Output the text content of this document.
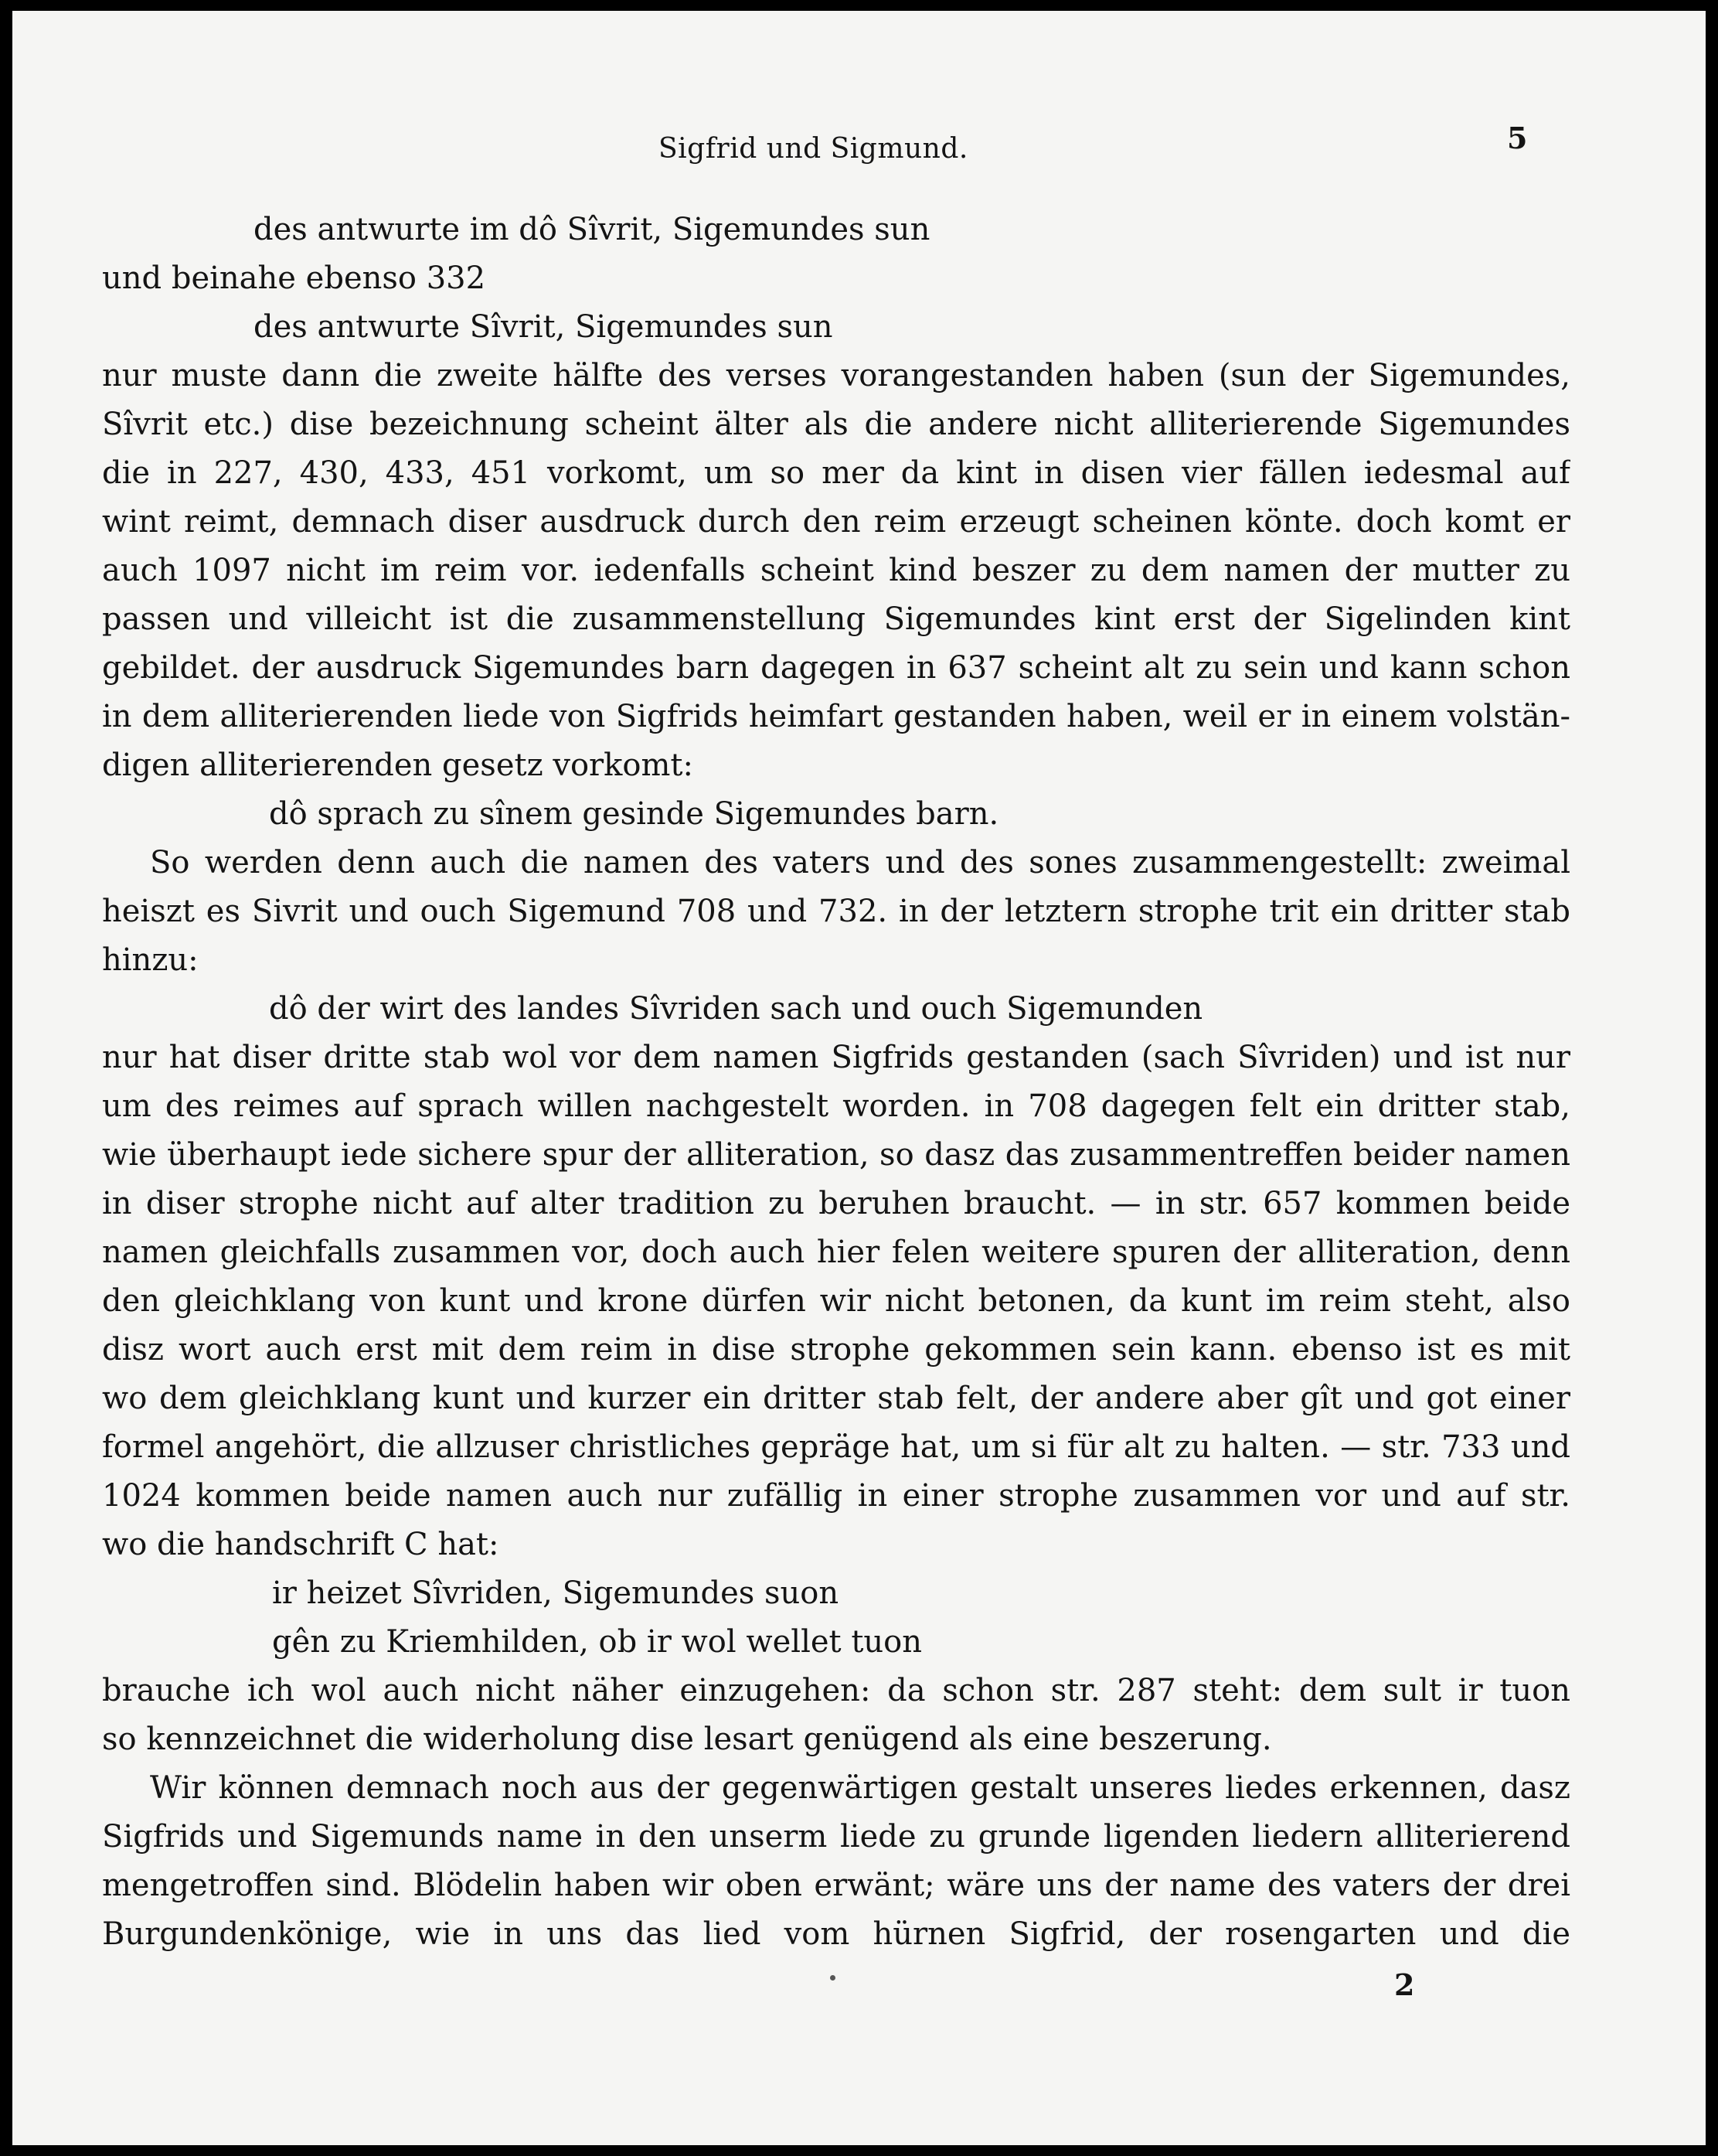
Sigfrid und Sigmund.	5
des antwurte im dô Sîvrit, Sigemundes sun
und beinahe ebenso 332
des antwurte Sîvrit, Sigemundes sun
nur muste dann die zweite hälfte des verses vorangestanden haben (sun der Sigemundes,
Sîvrit etc.) dise bezeichnung scheint älter als die andere nicht alliterierende Sigemundes
die in 227, 430, 433, 451 vorkomt, um so mer da kint in disen vier fällen iedesmal auf
wint reimt, demnach diser ausdruck durch den reim erzeugt scheinen könte. doch komt er
auch 1097 nicht im reim vor. iedenfalls scheint kind beszer zu dem namen der mutter zu
passen und villeicht ist die zusammenstellung Sigemundes kint erst der Sigelinden kint
gebildet. der ausdruck Sigemundes barn dagegen in 637 scheint alt zu sein und kann schon
in dem alliterierenden liede von Sigfrids heimfart gestanden haben, weil er in einem volstän-
digen alliterierenden gesetz vorkomt:
dô sprach zu sînem gesinde Sigemundes barn.
So werden denn auch die namen des vaters und des sones zusammengestellt: zweimal
heiszt es Sivrit und ouch Sigemund 708 und 732. in der letztern strophe trit ein dritter stab
hinzu:
dô der wirt des landes Sîvriden sach und ouch Sigemunden
nur hat diser dritte stab wol vor dem namen Sigfrids gestanden (sach Sîvriden) und ist nur
um des reimes auf sprach willen nachgestelt worden. in 708 dagegen felt ein dritter stab,
wie überhaupt iede sichere spur der alliteration, so dasz das zusammentreffen beider namen
in diser strophe nicht auf alter tradition zu beruhen braucht. — in str. 657 kommen beide
namen gleichfalls zusammen vor, doch auch hier felen weitere spuren der alliteration, denn
den gleichklang von kunt und krone dürfen wir nicht betonen, da kunt im reim steht, also
disz wort auch erst mit dem reim in dise strophe gekommen sein kann. ebenso ist es mit
wo dem gleichklang kunt und kurzer ein dritter stab felt, der andere aber gît und got einer
formel angehört, die allzuser christliches gepräge hat, um si für alt zu halten. — str. 733 und
1024 kommen beide namen auch nur zufällig in einer strophe zusammen vor und auf str.
wo die handschrift C hat:
ir heizet Sîvriden, Sigemundes suon
gên zu Kriemhilden, ob ir wol wellet tuon
brauche ich wol auch nicht näher einzugehen: da schon str. 287 steht: dem sult ir tuon
so kennzeichnet die widerholung dise lesart genügend als eine beszerung.
Wir können demnach noch aus der gegenwärtigen gestalt unseres liedes erkennen, dasz
Sigfrids und Sigemunds name in den unserm liede zu grunde ligenden liedern alliterierend
mengetroffen sind. Blödelin haben wir oben erwänt; wäre uns der name des vaters der drei
Burgundenkönige, wie in uns das lied vom hürnen Sigfrid, der rosengarten und die
2
